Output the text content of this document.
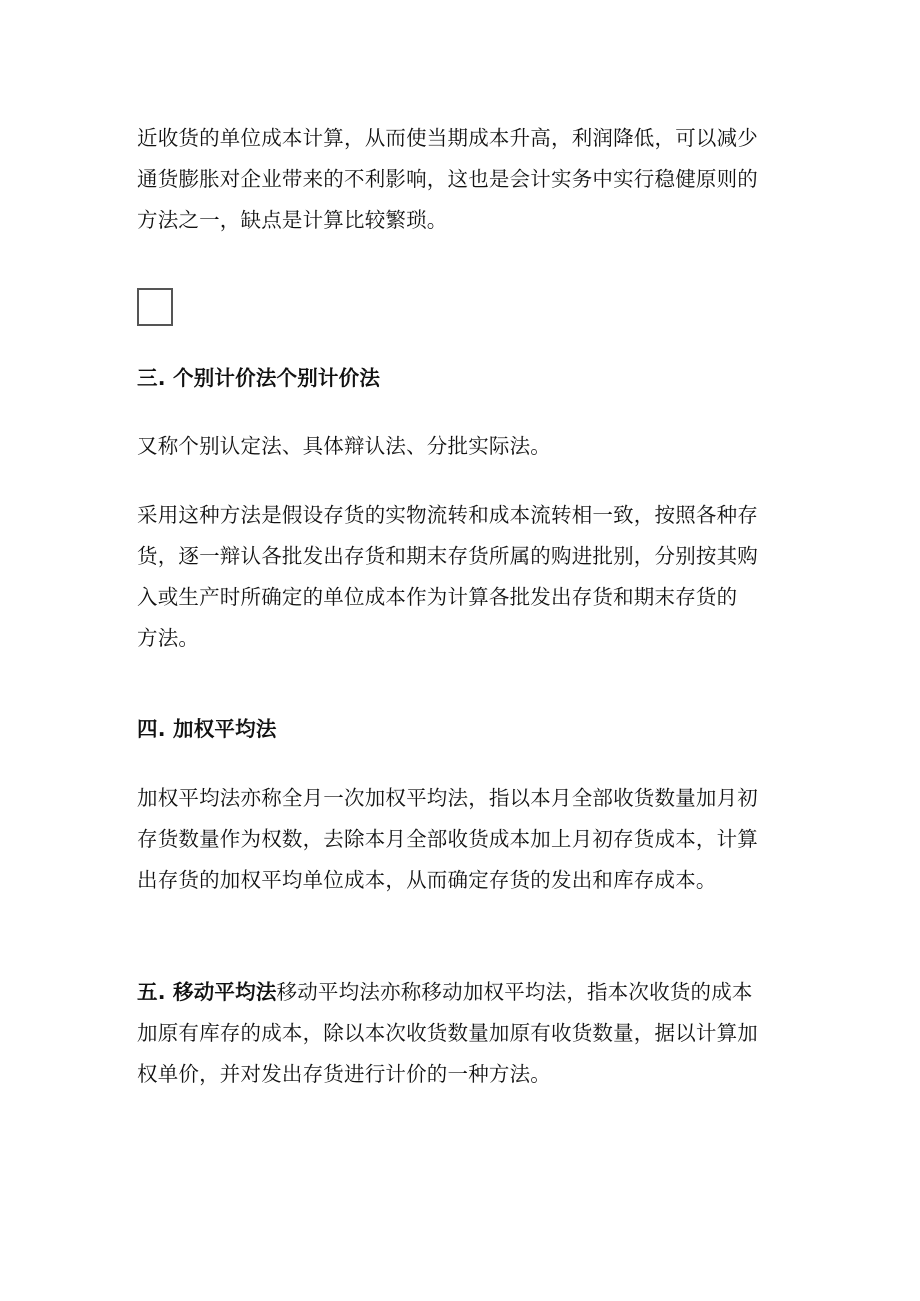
近收货的单位成本计算，从而使当期成本升高，利润降低，可以减少
通货膨胀对企业带来的不利影响，这也是会计实务中实行稳健原则的
方法之一，缺点是计算比较繁琐。
三. 个别计价法个别计价法
又称个别认定法、具体辩认法、分批实际法。
采用这种方法是假设存货的实物流转和成本流转相一致，按照各种存
货，逐一辩认各批发出存货和期末存货所属的购进批别，分别按其购
入或生产时所确定的单位成本作为计算各批发出存货和期末存货的
方法。
四. 加权平均法
加权平均法亦称全月一次加权平均法，指以本月全部收货数量加月初
存货数量作为权数，去除本月全部收货成本加上月初存货成本，计算
出存货的加权平均单位成本，从而确定存货的发出和库存成本。
五. 移动平均法移动平均法亦称移动加权平均法，指本次收货的成本
加原有库存的成本，除以本次收货数量加原有收货数量，据以计算加
权单价，并对发出存货进行计价的一种方法。
